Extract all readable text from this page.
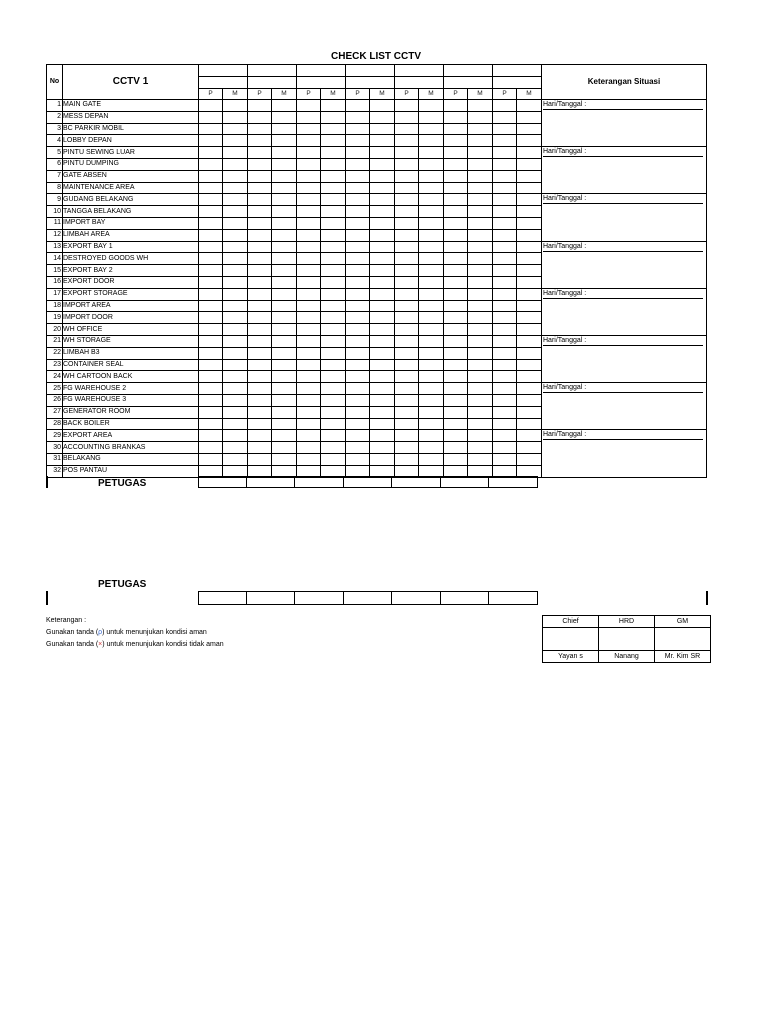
CHECK LIST CCTV
No	CCTV 1															Keterangan Situasi

		P	M	P	M	P	M	P	M	P	M	P	M	P	M	
1	MAIN GATE															Hari/Tanggal :

2	MESS DEPAN															
3	BC PARKIR MOBIL															
4	LOBBY DEPAN															
5	PINTU SEWING LUAR															Hari/Tanggal :

6	PINTU DUMPING															
7	GATE ABSEN															
8	MAINTENANCE AREA															
9	GUDANG BELAKANG															Hari/Tanggal :

10	TANGGA BELAKANG															
11	IMPORT BAY															
12	LIMBAH AREA															
13	EXPORT BAY 1															Hari/Tanggal :

14	DESTROYED GOODS WH															
15	EXPORT BAY 2															
16	EXPORT DOOR															
17	EXPORT STORAGE															Hari/Tanggal :

18	IMPORT AREA															
19	IMPORT DOOR															
20	WH OFFICE															
21	WH STORAGE															Hari/Tanggal :

22	LIMBAH B3															
23	CONTAINER SEAL															
24	WH CARTOON BACK															
25	FG WAREHOUSE 2															Hari/Tanggal :

26	FG WAREHOUSE 3															
27	GENERATOR ROOM															
28	BACK BOILER															
29	EXPORT AREA															Hari/Tanggal :

30	ACCOUNTING BRANKAS															
31	BELAKANG															
32	POS PANTAU															
PETUGAS
PETUGAS
Keterangan :
Gunakan tanda (ρ) untuk menunjukan kondisi aman
Gunakan tanda (×) untuk menunjukan kondisi tidak aman
Chief	HRD	GM

Yayan s	Nanang	Mr. Kim SR
